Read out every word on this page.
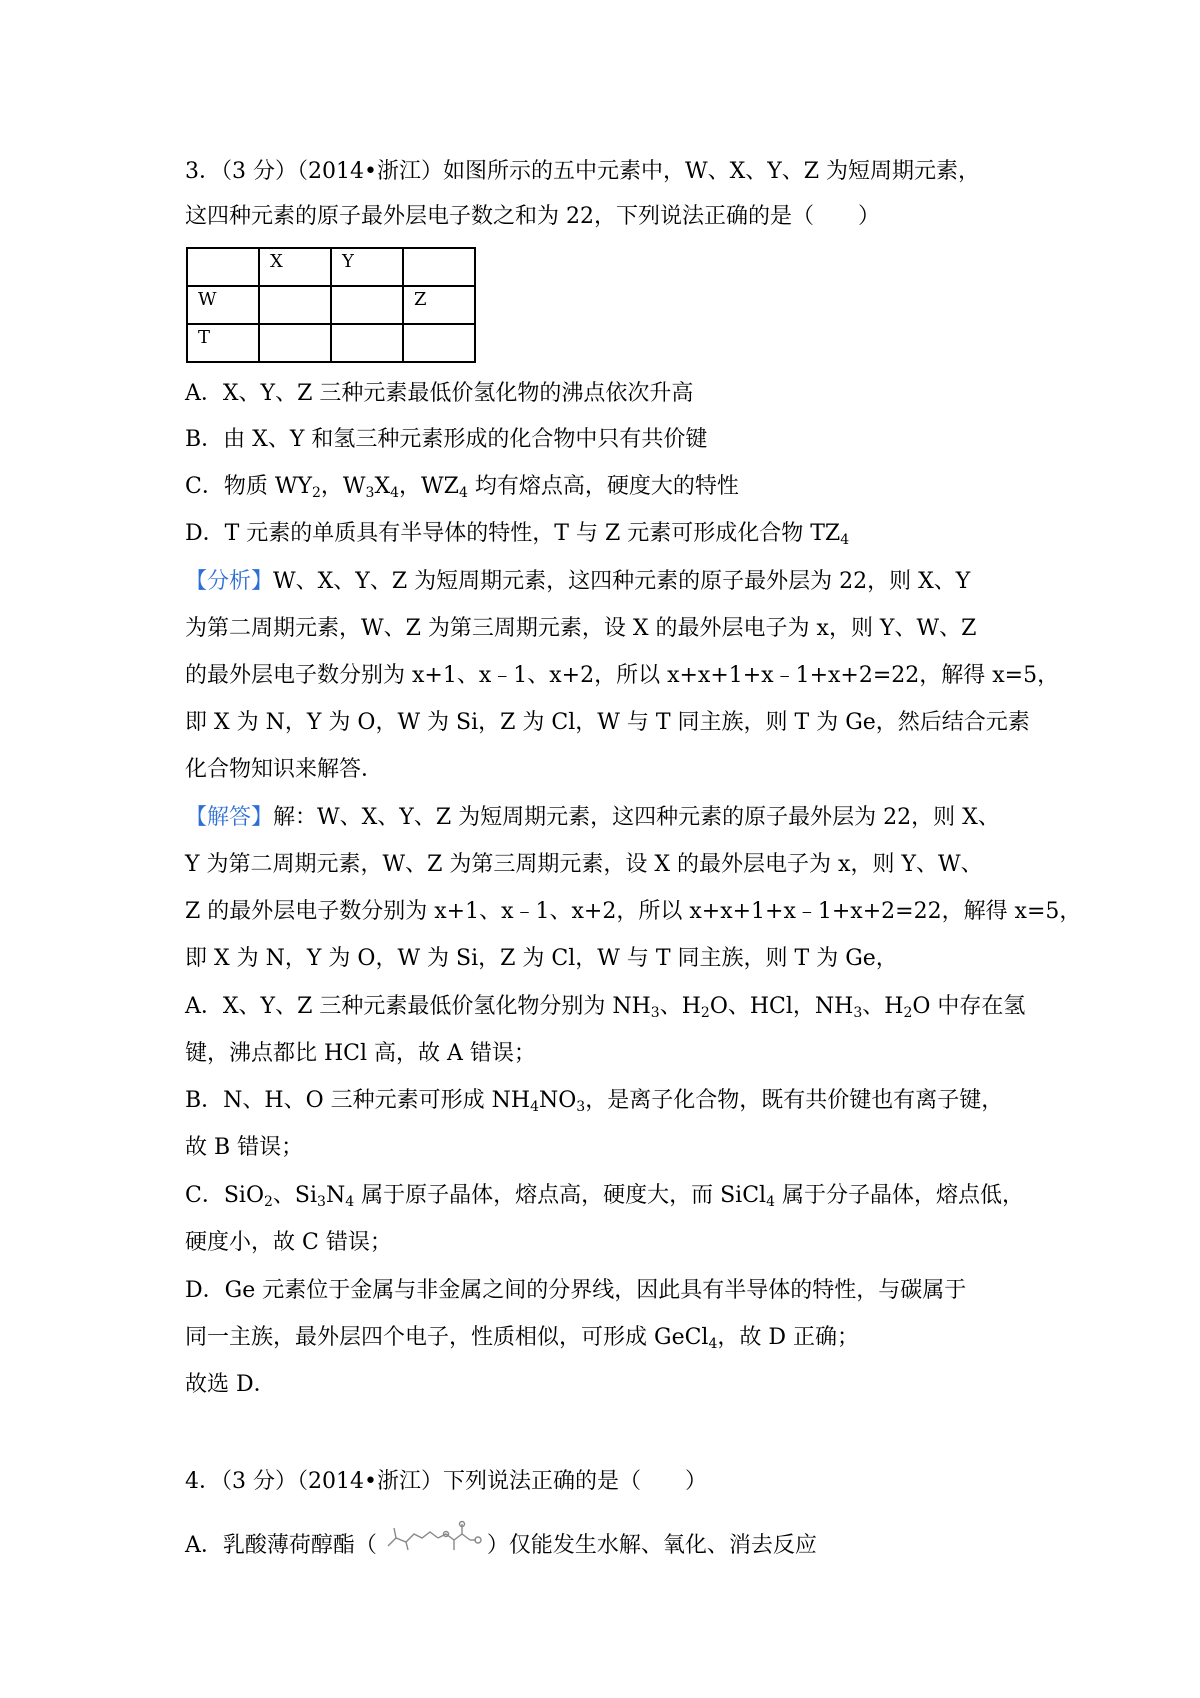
3．（3 分）（2014•浙江）如图所示的五中元素中，W、X、Y、Z 为短周期元素，
这四种元素的原子最外层电子数之和为 22，下列说法正确的是（　　）
	X	Y	
W			Z
T			
A．X、Y、Z 三种元素最低价氢化物的沸点依次升高
B．由 X、Y 和氢三种元素形成的化合物中只有共价键
C．物质 $WY_2$，$W_3X_4$，$WZ_4$ 均有熔点高，硬度大的特性
D．T 元素的单质具有半导体的特性，T 与 Z 元素可形成化合物 $TZ_4$
【分析】W、X、Y、Z 为短周期元素，这四种元素的原子最外层为 22，则 X、Y
为第二周期元素，W、Z 为第三周期元素，设 X 的最外层电子为 x，则 Y、W、Z
的最外层电子数分别为 x+1、x﹣1、x+2，所以 x+x+1+x﹣1+x+2=22，解得 x=5，
即 X 为 N，Y 为 O，W 为 Si，Z 为 Cl，W 与 T 同主族，则 T 为 Ge，然后结合元素
化合物知识来解答．
【解答】解：W、X、Y、Z 为短周期元素，这四种元素的原子最外层为 22，则 X、
Y 为第二周期元素，W、Z 为第三周期元素，设 X 的最外层电子为 x，则 Y、W、
Z 的最外层电子数分别为 x+1、x﹣1、x+2，所以 x+x+1+x﹣1+x+2=22，解得 x=5，
即 X 为 N，Y 为 O，W 为 Si，Z 为 Cl，W 与 T 同主族，则 T 为 Ge，
A．X、Y、Z 三种元素最低价氢化物分别为 $NH_3$、$H_2O$、HCl，$NH_3$、$H_2O$ 中存在氢
键，沸点都比 HCl 高，故 A 错误；
B．N、H、O 三种元素可形成 $NH_4NO_3$，是离子化合物，既有共价键也有离子键，
故 B 错误；
C．SiO$_2$、$Si_3N_4$ 属于原子晶体，熔点高，硬度大，而 SiCl$_4$ 属于分子晶体，熔点低，
硬度小，故 C 错误；
D．Ge 元素位于金属与非金属之间的分界线，因此具有半导体的特性，与碳属于
同一主族，最外层四个电子，性质相似，可形成 GeCl$_4$，故 D 正确；
故选 D．
4．（3 分）（2014•浙江）下列说法正确的是（　　）
A．乳酸薄荷醇酯（	）仅能发生水解、氧化、消去反应
